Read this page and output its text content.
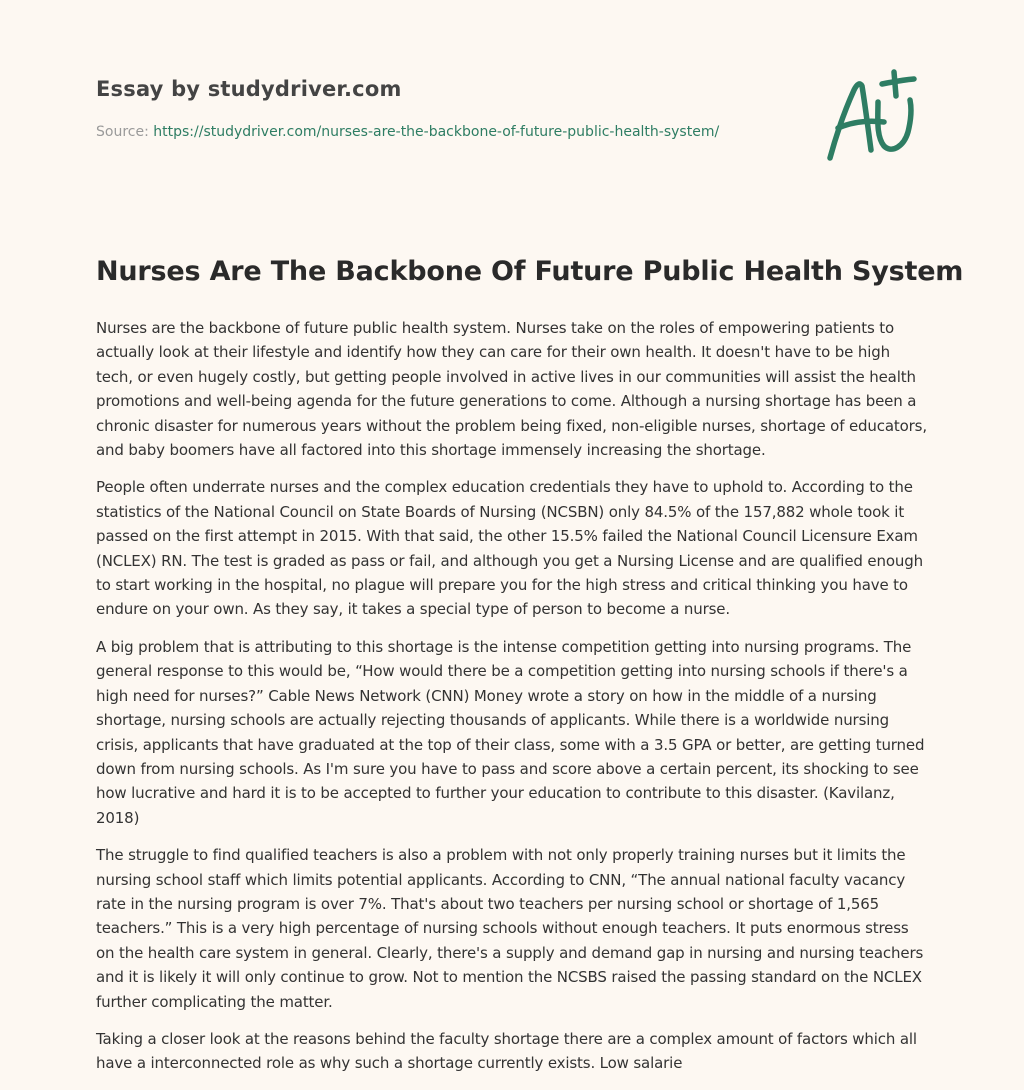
Essay by studydriver.com
Source: https://studydriver.com/nurses-are-the-backbone-of-future-public-health-system/
Nurses Are The Backbone Of Future Public Health System

Nurses are the backbone of future public health system. Nurses take on the roles of empowering patients to actually look at their lifestyle and identify how they can care for their own health. It doesn't have to be high tech, or even hugely costly, but getting people involved in active lives in our communities will assist the health promotions and well-being agenda for the future generations to come. Although a nursing shortage has been a chronic disaster for numerous years without the problem being fixed, non-eligible nurses, shortage of educators, and baby boomers have all factored into this shortage immensely increasing the shortage.

People often underrate nurses and the complex education credentials they have to uphold to. According to the statistics of the National Council on State Boards of Nursing (NCSBN) only 84.5% of the 157,882 whole took it passed on the first attempt in 2015. With that said, the other 15.5% failed the National Council Licensure Exam (NCLEX) RN. The test is graded as pass or fail, and although you get a Nursing License and are qualified enough to start working in the hospital, no plague will prepare you for the high stress and critical thinking you have to endure on your own. As they say, it takes a special type of person to become a nurse.

A big problem that is attributing to this shortage is the intense competition getting into nursing programs. The general response to this would be, “How would there be a competition getting into nursing schools if there's a high need for nurses?” Cable News Network (CNN) Money wrote a story on how in the middle of a nursing shortage, nursing schools are actually rejecting thousands of applicants. While there is a worldwide nursing crisis, applicants that have graduated at the top of their class, some with a 3.5 GPA or better, are getting turned down from nursing schools. As I'm sure you have to pass and score above a certain percent, its shocking to see how lucrative and hard it is to be accepted to further your education to contribute to this disaster. (Kavilanz, 2018)

The struggle to find qualified teachers is also a problem with not only properly training nurses but it limits the nursing school staff which limits potential applicants. According to CNN, “The annual national faculty vacancy rate in the nursing program is over 7%. That's about two teachers per nursing school or shortage of 1,565 teachers.” This is a very high percentage of nursing schools without enough teachers. It puts enormous stress on the health care system in general. Clearly, there's a supply and demand gap in nursing and nursing teachers and it is likely it will only continue to grow. Not to mention the NCSBS raised the passing standard on the NCLEX further complicating the matter.

Taking a closer look at the reasons behind the faculty shortage there are a complex amount of factors which all have a interconnected role as why such a shortage currently exists. Low salarie
